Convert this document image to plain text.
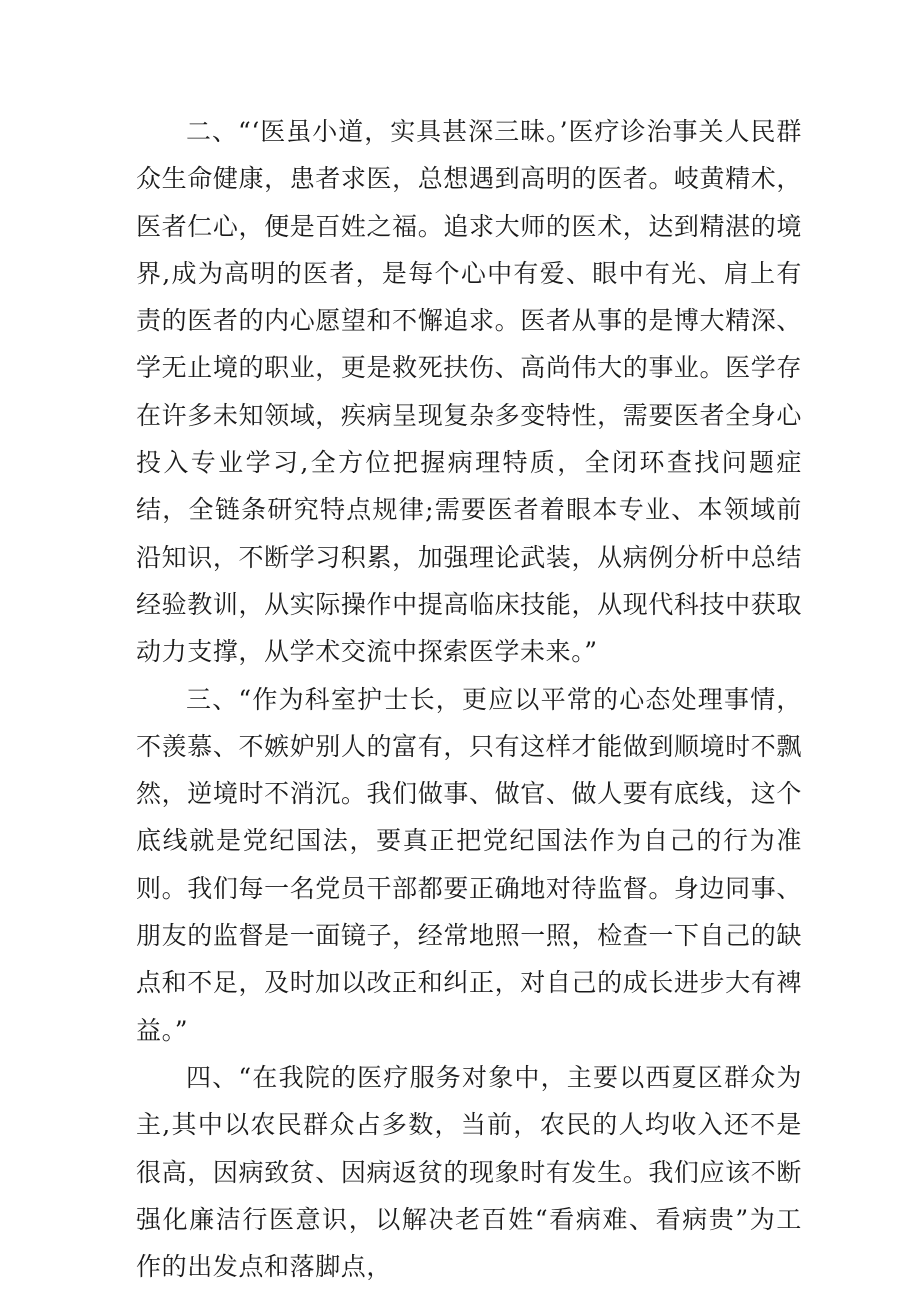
二、“‘医虽小道，实具甚深三昧。’医疗诊治事关人民群众生命健康，患者求医，总想遇到高明的医者。岐黄精术，医者仁心，便是百姓之福。追求大师的医术，达到精湛的境界,成为高明的医者，是每个心中有爱、眼中有光、肩上有责的医者的内心愿望和不懈追求。医者从事的是博大精深、学无止境的职业，更是救死扶伤、高尚伟大的事业。医学存在许多未知领域，疾病呈现复杂多变特性，需要医者全身心投入专业学习,全方位把握病理特质，全闭环查找问题症结，全链条研究特点规律;需要医者着眼本专业、本领域前沿知识，不断学习积累，加强理论武装，从病例分析中总结经验教训，从实际操作中提高临床技能，从现代科技中获取动力支撑，从学术交流中探索医学未来。”

三、“作为科室护士长，更应以平常的心态处理事情，不羡慕、不嫉妒别人的富有，只有这样才能做到顺境时不飘然，逆境时不消沉。我们做事、做官、做人要有底线，这个底线就是党纪国法，要真正把党纪国法作为自己的行为准则。我们每一名党员干部都要正确地对待监督。身边同事、朋友的监督是一面镜子，经常地照一照，检查一下自己的缺点和不足，及时加以改正和纠正，对自己的成长进步大有裨益。”

四、“在我院的医疗服务对象中，主要以西夏区群众为主,其中以农民群众占多数，当前，农民的人均收入还不是很高，因病致贫、因病返贫的现象时有发生。我们应该不断强化廉洁行医意识，以解决老百姓“看病难、看病贵”为工作的出发点和落脚点，
